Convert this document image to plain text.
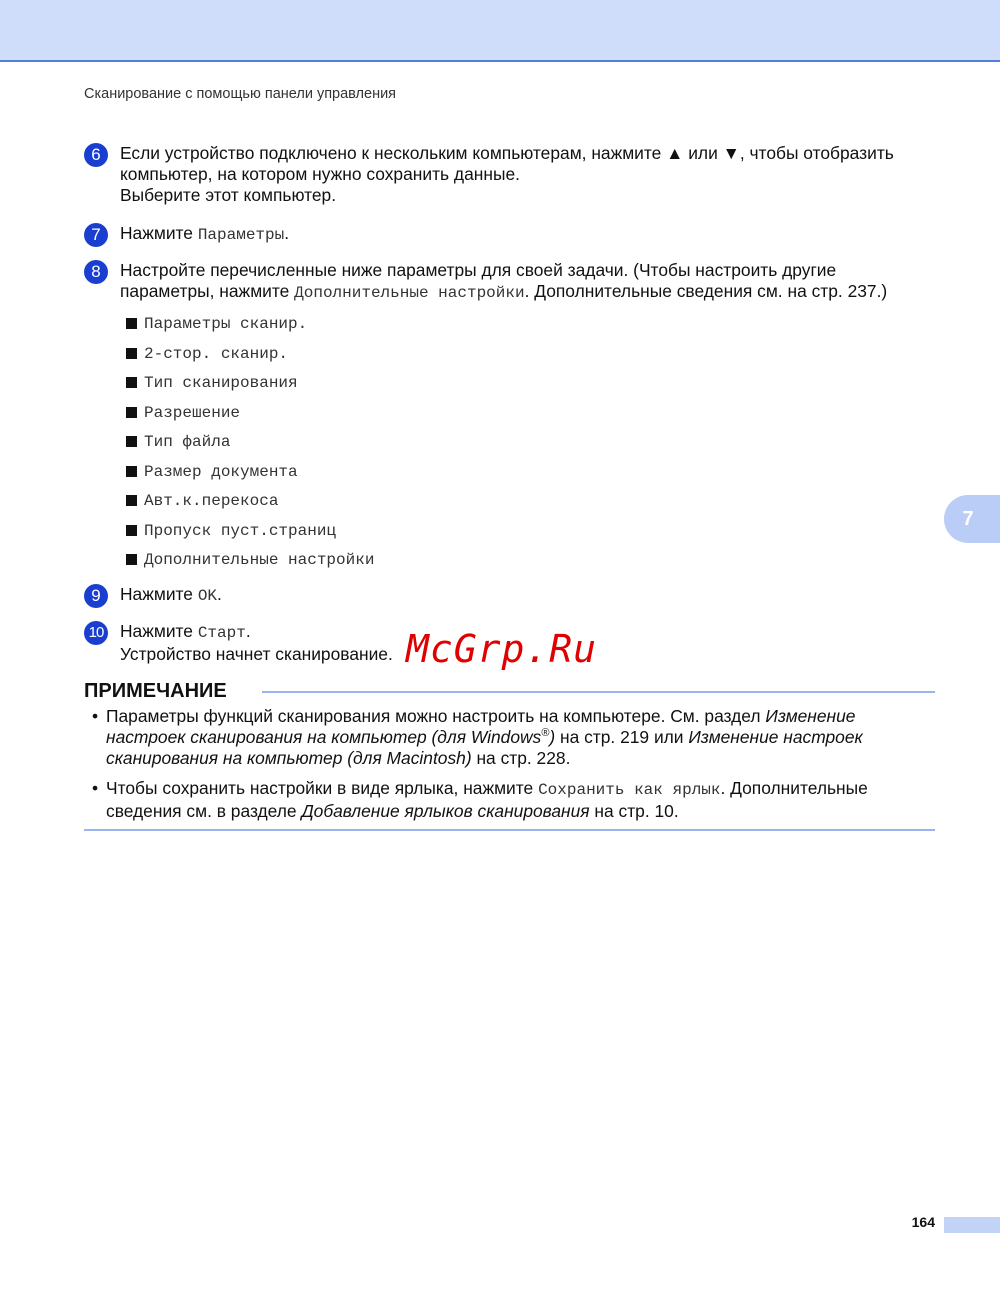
Сканирование с помощью панели управления
6	Если устройство подключено к нескольким компьютерам, нажмите ▲ или ▼, чтобы отобразить
компьютер, на котором нужно сохранить данные.
Выберите этот компьютер.
7	Нажмите Параметры.
8	Настройте перечисленные ниже параметры для своей задачи. (Чтобы настроить другие
параметры, нажмите Дополнительные настройки. Дополнительные сведения см. на стр. 237.)
Параметры сканир.
2-стор. сканир.
Тип сканирования
Разрешение
Тип файла
Размер документа
Авт.к.перекоса
Пропуск пуст.страниц
Дополнительные настройки
7
9	Нажмите OK.
10 Нажмите Старт.
Устройство начнет сканирование. McGrp.Ru
ПРИМЕЧАНИЕ
• Параметры функций сканирования можно настроить на компьютере. См. раздел Изменение настроек сканирования на компьютер (для Windows®) на стр. 219 или Изменение настроек сканирования на компьютер (для Macintosh) на стр. 228.
• Чтобы сохранить настройки в виде ярлыка, нажмите Сохранить как ярлык. Дополнительные сведения см. в разделе Добавление ярлыков сканирования на стр. 10.
164
